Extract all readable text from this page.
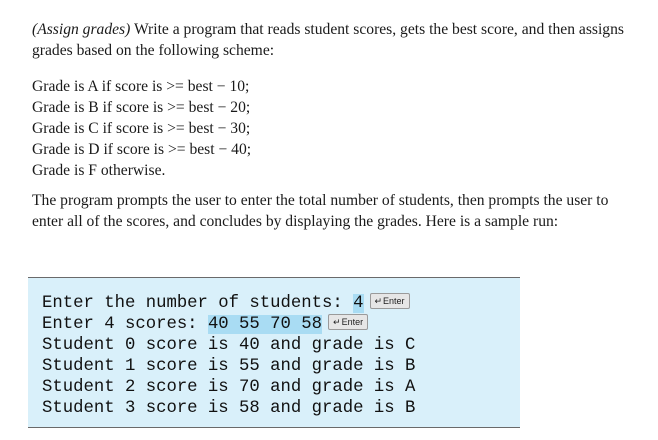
(Assign grades) Write a program that reads student scores, gets the best score, and then assigns grades based on the following scheme:

Grade is A if score is >= best − 10;
Grade is B if score is >= best − 20;
Grade is C if score is >= best − 30;
Grade is D if score is >= best − 40;
Grade is F otherwise.

The program prompts the user to enter the total number of students, then prompts the user to enter all of the scores, and concludes by displaying the grades. Here is a sample run:

Enter the number of students: 4 ↵Enter
Enter 4 scores: 40 55 70 58 ↵Enter
Student 0 score is 40 and grade is C
Student 1 score is 55 and grade is B
Student 2 score is 70 and grade is A
Student 3 score is 58 and grade is B
